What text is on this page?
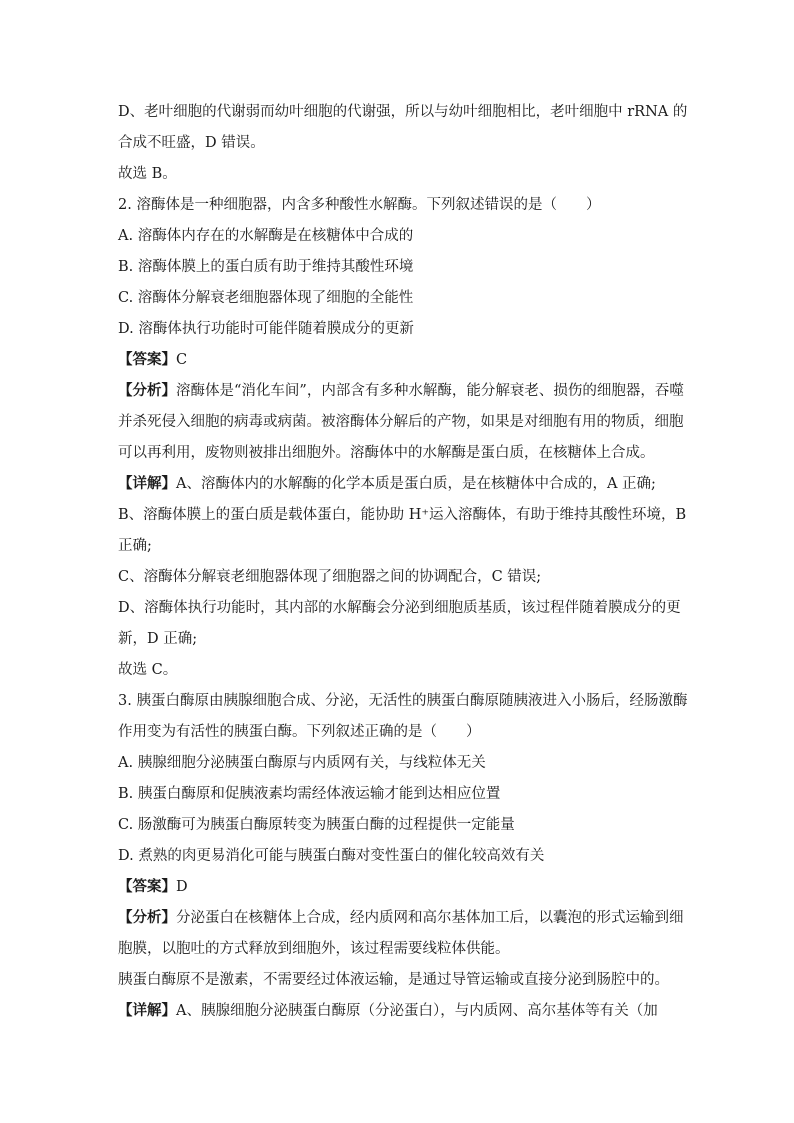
D、老叶细胞的代谢弱而幼叶细胞的代谢强，所以与幼叶细胞相比，老叶细胞中 rRNA 的
合成不旺盛，D 错误。
故选 B。
2. 溶酶体是一种细胞器，内含多种酸性水解酶。下列叙述错误的是（　　）
A. 溶酶体内存在的水解酶是在核糖体中合成的
B. 溶酶体膜上的蛋白质有助于维持其酸性环境
C. 溶酶体分解衰老细胞器体现了细胞的全能性
D. 溶酶体执行功能时可能伴随着膜成分的更新
【答案】C
【分析】溶酶体是“消化车间”，内部含有多种水解酶，能分解衰老、损伤的细胞器，吞噬
并杀死侵入细胞的病毒或病菌。被溶酶体分解后的产物，如果是对细胞有用的物质，细胞
可以再利用，废物则被排出细胞外。溶酶体中的水解酶是蛋白质，在核糖体上合成。
【详解】A、溶酶体内的水解酶的化学本质是蛋白质，是在核糖体中合成的，A 正确;
B、溶酶体膜上的蛋白质是载体蛋白，能协助 H⁺运入溶酶体，有助于维持其酸性环境，B
正确;
C、溶酶体分解衰老细胞器体现了细胞器之间的协调配合，C 错误;
D、溶酶体执行功能时，其内部的水解酶会分泌到细胞质基质，该过程伴随着膜成分的更
新，D 正确;
故选 C。
3. 胰蛋白酶原由胰腺细胞合成、分泌，无活性的胰蛋白酶原随胰液进入小肠后，经肠激酶
作用变为有活性的胰蛋白酶。下列叙述正确的是（　　）
A. 胰腺细胞分泌胰蛋白酶原与内质网有关，与线粒体无关
B. 胰蛋白酶原和促胰液素均需经体液运输才能到达相应位置
C. 肠激酶可为胰蛋白酶原转变为胰蛋白酶的过程提供一定能量
D. 煮熟的肉更易消化可能与胰蛋白酶对变性蛋白的催化较高效有关
【答案】D
【分析】分泌蛋白在核糖体上合成，经内质网和高尔基体加工后，以囊泡的形式运输到细
胞膜，以胞吐的方式释放到细胞外，该过程需要线粒体供能。
胰蛋白酶原不是激素，不需要经过体液运输，是通过导管运输或直接分泌到肠腔中的。
【详解】A、胰腺细胞分泌胰蛋白酶原（分泌蛋白），与内质网、高尔基体等有关（加
